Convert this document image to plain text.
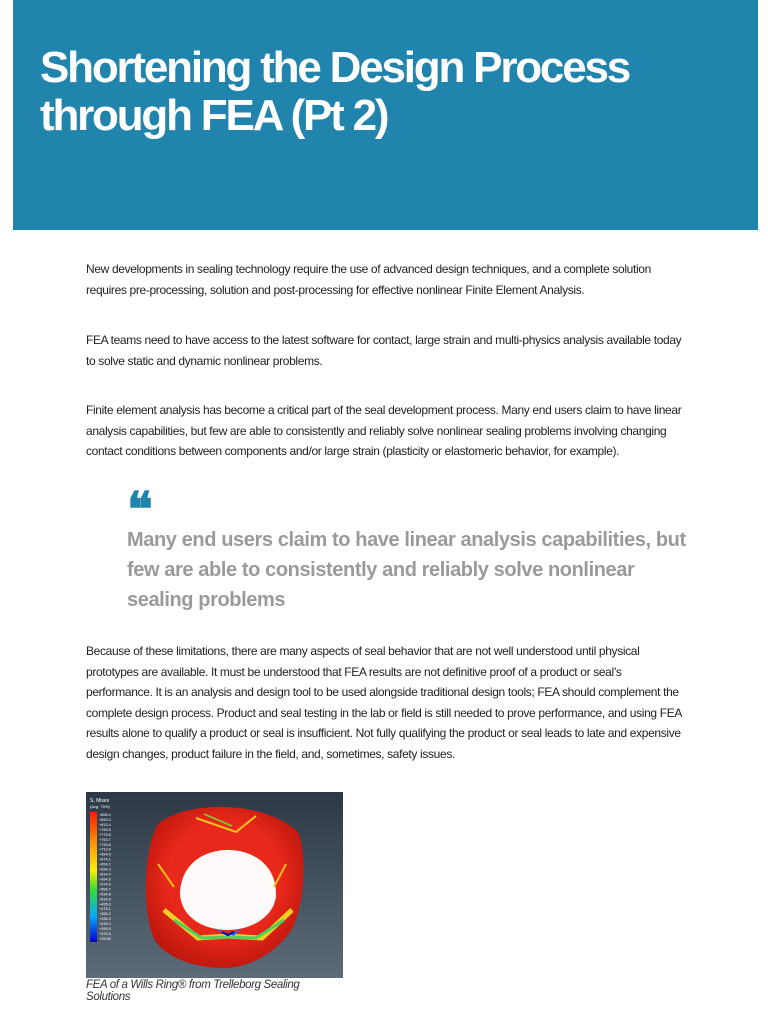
Shortening the Design Process through FEA (Pt 2)

New developments in sealing technology require the use of advanced design techniques, and a complete solution requires pre-processing, solution and post-processing for effective nonlinear Finite Element Analysis.

FEA teams need to have access to the latest software for contact, large strain and multi-physics analysis available today to solve static and dynamic nonlinear problems.

Finite element analysis has become a critical part of the seal development process. Many end users claim to have linear analysis capabilities, but few are able to consistently and reliably solve nonlinear sealing problems involving changing contact conditions between components and/or large strain (plasticity or elastomeric behavior, for example).

❝

Many end users claim to have linear analysis capabilities, but few are able to consistently and reliably solve nonlinear sealing problems

Because of these limitations, there are many aspects of seal behavior that are not well understood until physical prototypes are available. It must be understood that FEA results are not definitive proof of a product or seal’s performance. It is an analysis and design tool to be used alongside traditional design tools; FEA should complement the complete design process. Product and seal testing in the lab or field is still needed to prove performance, and using FEA results alone to qualify a product or seal is insufficient. Not fully qualifying the product or seal leads to late and expensive design changes, product failure in the field, and, sometimes, safety issues.

S, Mises
(Avg: 75%)
+855.0
+833.3
+813.4
+793.5
+773.6
+753.7
+733.8
+713.9
+694.0
+674.1
+654.2
+634.3
+614.4
+594.5
+574.6
+554.7
+534.8
+514.9
+495.0
+475.1
+455.2
+435.3
+415.4
+395.5
+375.6
+25.90

FEA of a Wills Ring® from Trelleborg Sealing Solutions
